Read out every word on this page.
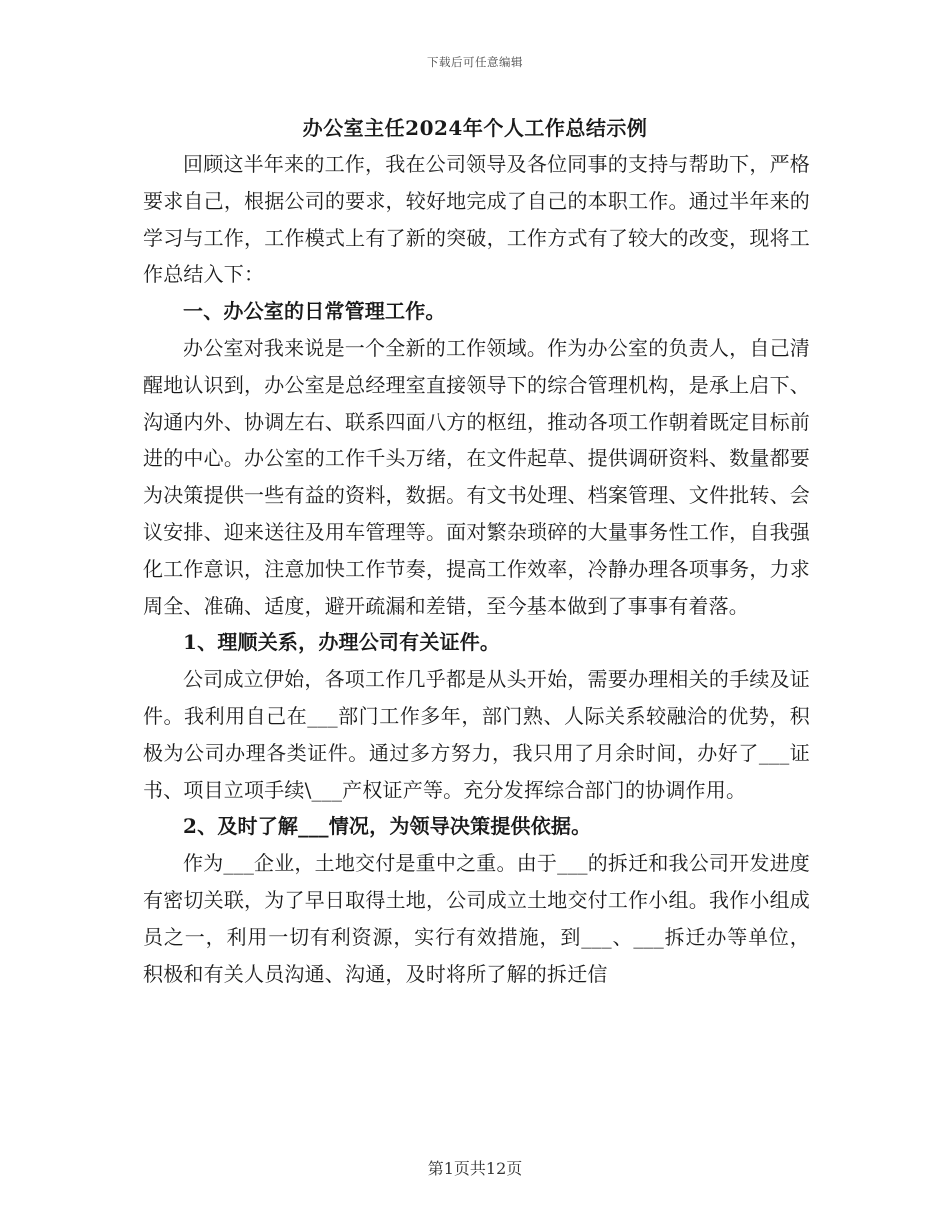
下载后可任意编辑
办公室主任2024年个人工作总结示例

回顾这半年来的工作，我在公司领导及各位同事的支持与帮助下，严格要求自己，根据公司的要求，较好地完成了自己的本职工作。通过半年来的学习与工作，工作模式上有了新的突破，工作方式有了较大的改变，现将工作总结入下：

一、办公室的日常管理工作。

办公室对我来说是一个全新的工作领域。作为办公室的负责人，自己清醒地认识到，办公室是总经理室直接领导下的综合管理机构，是承上启下、沟通内外、协调左右、联系四面八方的枢纽，推动各项工作朝着既定目标前进的中心。办公室的工作千头万绪，在文件起草、提供调研资料、数量都要为决策提供一些有益的资料，数据。有文书处理、档案管理、文件批转、会议安排、迎来送往及用车管理等。面对繁杂琐碎的大量事务性工作，自我强化工作意识，注意加快工作节奏，提高工作效率，冷静办理各项事务，力求周全、准确、适度，避开疏漏和差错，至今基本做到了事事有着落。

1、理顺关系，办理公司有关证件。

公司成立伊始，各项工作几乎都是从头开始，需要办理相关的手续及证件。我利用自己在___部门工作多年，部门熟、人际关系较融洽的优势，积极为公司办理各类证件。通过多方努力，我只用了月余时间，办好了___证书、项目立项手续\___产权证产等。充分发挥综合部门的协调作用。

2、及时了解___情况，为领导决策提供依据。

作为___企业，土地交付是重中之重。由于___的拆迁和我公司开发进度有密切关联，为了早日取得土地，公司成立土地交付工作小组。我作小组成员之一，利用一切有利资源，实行有效措施，到___、___拆迁办等单位，积极和有关人员沟通、沟通，及时将所了解的拆迁信

第1页共12页
